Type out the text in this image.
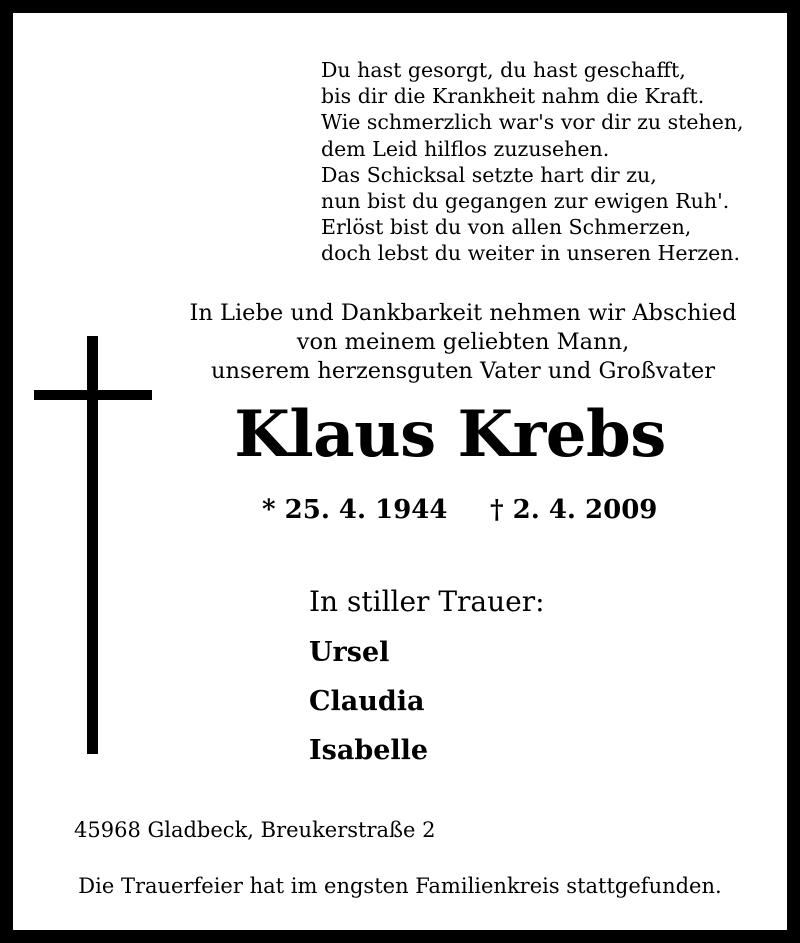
Du hast gesorgt, du hast geschafft,
bis dir die Krankheit nahm die Kraft.
Wie schmerzlich war's vor dir zu stehen,
dem Leid hilflos zuzusehen.
Das Schicksal setzte hart dir zu,
nun bist du gegangen zur ewigen Ruh'.
Erlöst bist du von allen Schmerzen,
doch lebst du weiter in unseren Herzen.
In Liebe und Dankbarkeit nehmen wir Abschied
von meinem geliebten Mann,
unserem herzensguten Vater und Großvater
Klaus Krebs
* 25. 4. 1944 † 2. 4. 2009
In stiller Trauer:
Ursel
Claudia
Isabelle
45968 Gladbeck, Breukerstraße 2
Die Trauerfeier hat im engsten Familienkreis stattgefunden.
